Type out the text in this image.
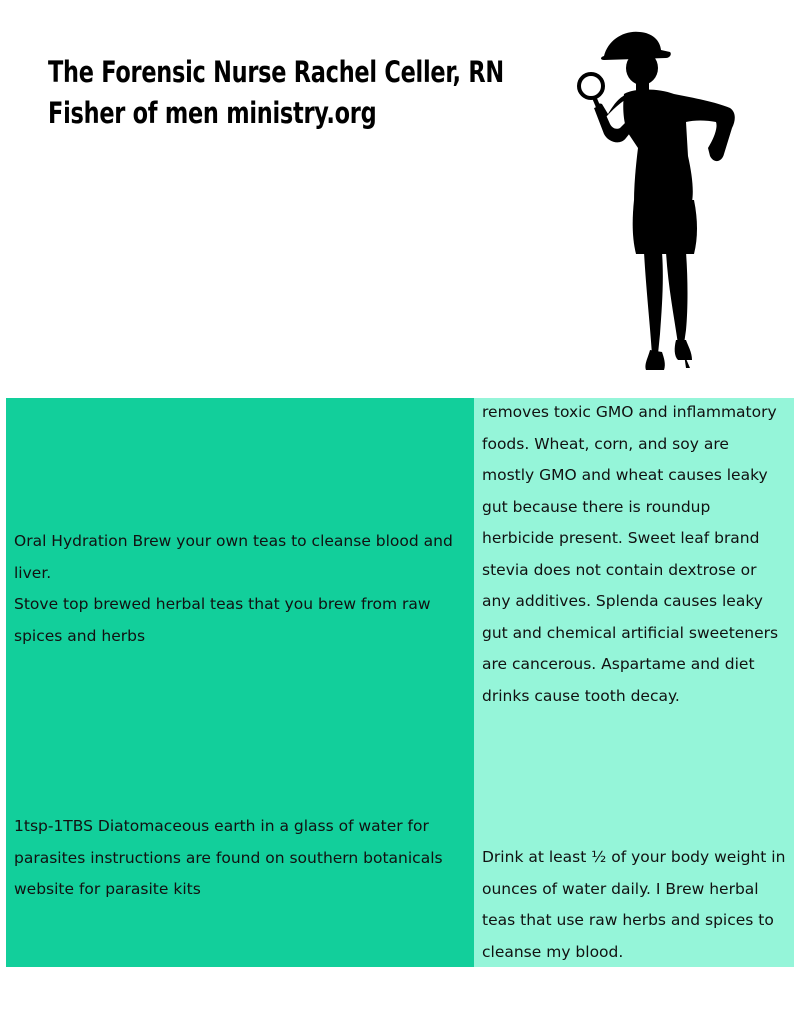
The Forensic Nurse Rachel Celler, RN
Fisher of men ministry.org
Oral Hydration Brew your own teas to cleanse blood and liver.
Stove top brewed herbal teas that you brew from raw spices and herbs
1tsp-1TBS Diatomaceous earth in a glass of water for parasites instructions are found on southern botanicals website for parasite kits
removes toxic GMO and inflammatory foods. Wheat, corn, and soy are mostly GMO and wheat causes leaky gut because there is roundup herbicide present. Sweet leaf brand stevia does not contain dextrose or any additives. Splenda causes leaky gut and chemical artificial sweeteners are cancerous. Aspartame and diet drinks cause tooth decay.
Drink at least ½ of your body weight in ounces of water daily. I Brew herbal teas that use raw herbs and spices to cleanse my blood.
